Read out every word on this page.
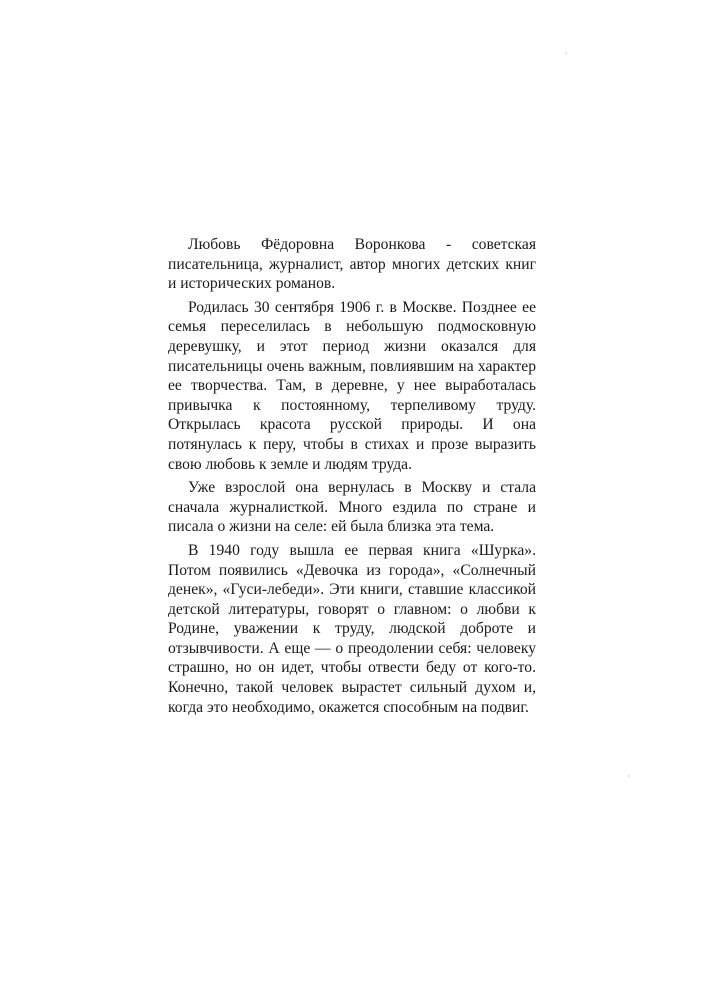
Любовь Фёдоровна Воронкова - советская писательница, журналист, автор многих детских книг и исторических романов.

Родилась 30 сентября 1906 г. в Москве. Позднее ее семья переселилась в небольшую подмосковную деревушку, и этот период жизни оказался для писательницы очень важным, повлиявшим на характер ее творчества. Там, в деревне, у нее выработалась привычка к постоянному, терпеливому труду. Открылась красота русской природы. И она потянулась к перу, чтобы в стихах и прозе выразить свою любовь к земле и людям труда.

Уже взрослой она вернулась в Москву и стала сначала журналисткой. Много ездила по стране и писала о жизни на селе: ей была близка эта тема.

В 1940 году вышла ее первая книга «Шурка». Потом появились «Девочка из города», «Солнечный денек», «Гуси-лебеди». Эти книги, ставшие классикой детской литературы, говорят о главном: о любви к Родине, уважении к труду, людской доброте и отзывчивости. А еще — о преодолении себя: человеку страшно, но он идет, чтобы отвести беду от кого-то. Конечно, такой человек вырастет сильный духом и, когда это необходимо, окажется способным на подвиг.
